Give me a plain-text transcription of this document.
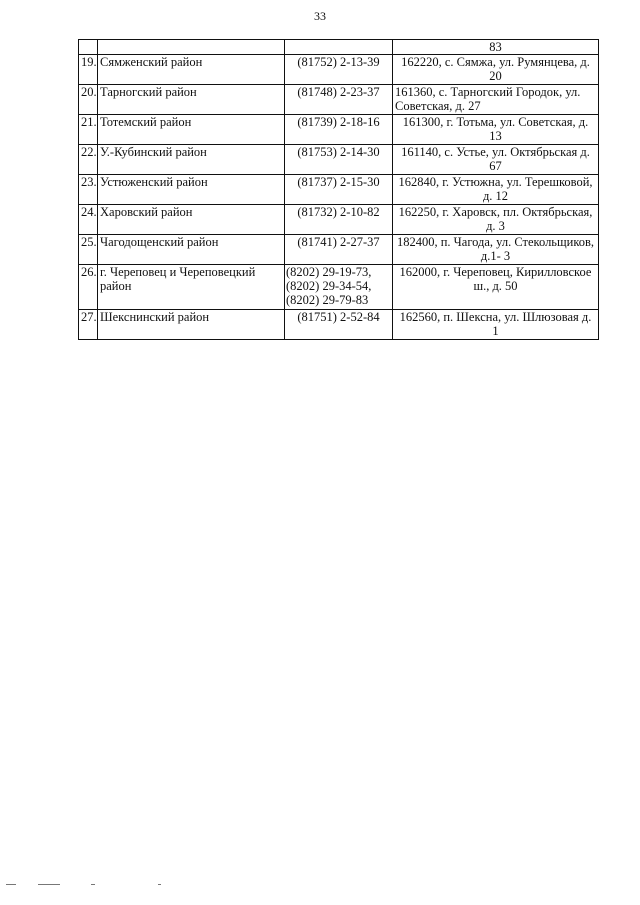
33
			83
19.	Сямженский район	(81752) 2-13-39	162220, с. Сямжа, ул. Румянцева, д. 20
20.	Тарногский район	(81748) 2-23-37	161360, с. Тарногский Городок, ул. Советская, д. 27
21.	Тотемский район	(81739) 2-18-16	161300, г. Тотьма, ул. Советская, д. 13
22.	У.-Кубинский район	(81753) 2-14-30	161140, с. Устье, ул. Октябрьская д. 67
23.	Устюженский район	(81737) 2-15-30	162840, г. Устюжна, ул. Терешковой, д. 12
24.	Харовский район	(81732) 2-10-82	162250, г. Харовск, пл. Октябрьская, д. 3
25.	Чагодощенский район	(81741) 2-27-37	182400, п. Чагода, ул. Стекольщиков, д.1- 3
26.	г. Череповец и Череповецкий район	(8202) 29-19-73,
(8202) 29-34-54,
(8202) 29-79-83	162000, г. Череповец, Кирилловское ш., д. 50
27.	Шекснинский район	(81751) 2-52-84	162560, п. Шексна, ул. Шлюзовая д. 1
